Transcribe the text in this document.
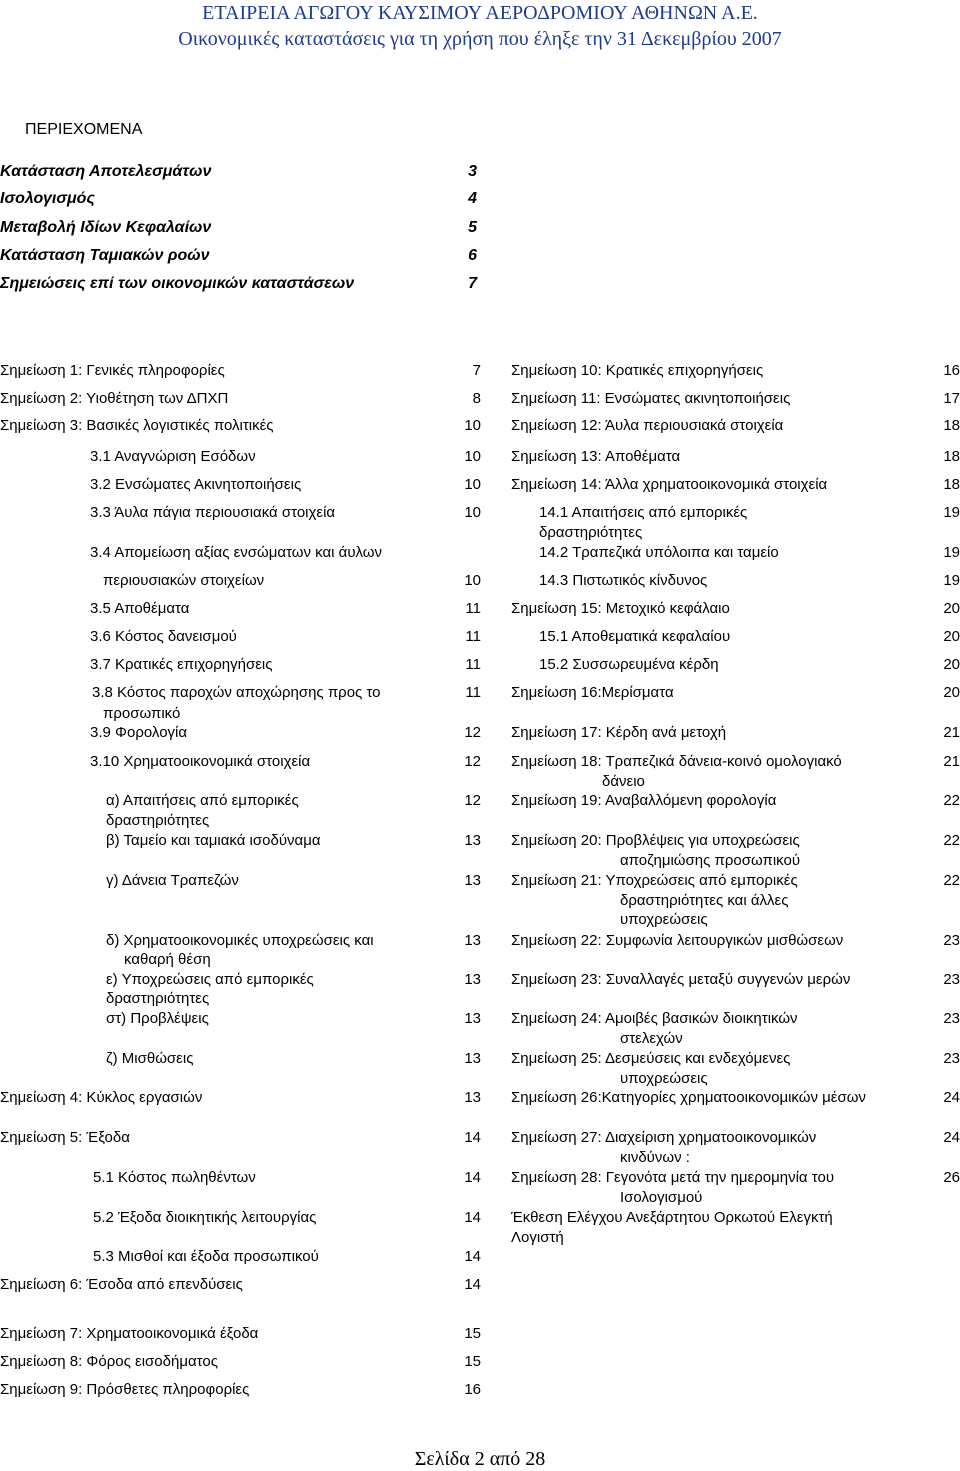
ΕΤΑΙΡΕΙΑ ΑΓΩΓΟΥ ΚΑΥΣΙΜΟΥ ΑΕΡΟΔΡΟΜΙΟΥ ΑΘΗΝΩΝ Α.Ε.
Οικονομικές καταστάσεις για τη χρήση που έληξε την 31 Δεκεμβρίου 2007
ΠΕΡΙΕΧΟΜΕΝΑ
Κατάσταση Αποτελεσμάτων	3
Ισολογισμός	4
Μεταβολή Ιδίων Κεφαλαίων	5
Κατάσταση Ταμιακών ροών	6
Σημειώσεις επί των οικονομικών καταστάσεων	7
Σημείωση 1: Γενικές πληροφορίες	7
Σημείωση 2: Υιοθέτηση των ΔΠΧΠ	8
Σημείωση 3: Βασικές λογιστικές πολιτικές	10
3.1 Αναγνώριση Εσόδων	10
3.2 Ενσώματες Ακινητοποιήσεις	10
3.3 Άυλα πάγια περιουσιακά στοιχεία	10
3.4 Απομείωση αξίας ενσώματων και άυλων
περιουσιακών στοιχείων	10
3.5 Αποθέματα	11
3.6 Κόστος δανεισμού	11
3.7 Κρατικές επιχορηγήσεις	11
3.8 Κόστος παροχών αποχώρησης προς το	11
προσωπικό
3.9 Φορολογία	12
3.10 Χρηματοοικονομικά στοιχεία	12
α) Απαιτήσεις από εμπορικές	12
δραστηριότητες
β) Ταμείο και ταμιακά ισοδύναμα	13
γ) Δάνεια Τραπεζών	13
δ) Χρηματοοικονομικές υποχρεώσεις και	13
καθαρή θέση
ε) Υποχρεώσεις από εμπορικές	13
δραστηριότητες
στ) Προβλέψεις	13
ζ) Μισθώσεις	13
Σημείωση 4: Κύκλος εργασιών	13
Σημείωση 5: Έξοδα	14
5.1 Κόστος πωληθέντων	14
5.2 Έξοδα διοικητικής λειτουργίας	14
5.3 Μισθοί και έξοδα προσωπικού	14
Σημείωση 6: Έσοδα από επενδύσεις	14
Σημείωση 7: Χρηματοοικονομικά έξοδα	15
Σημείωση 8: Φόρος εισοδήματος	15
Σημείωση 9: Πρόσθετες πληροφορίες	16
Σημείωση 10: Κρατικές επιχορηγήσεις	16
Σημείωση 11: Ενσώματες ακινητοποιήσεις	17
Σημείωση 12: Άυλα περιουσιακά στοιχεία	18
Σημείωση 13: Αποθέματα	18
Σημείωση 14: Άλλα χρηματοοικονομικά στοιχεία	18
14.1 Απαιτήσεις από εμπορικές	19
δραστηριότητες
14.2 Τραπεζικά υπόλοιπα και ταμείο	19
14.3 Πιστωτικός κίνδυνος	19
Σημείωση 15: Μετοχικό κεφάλαιο	20
15.1 Αποθεματικά κεφαλαίου	20
15.2 Συσσωρευμένα κέρδη	20
Σημείωση 16:Μερίσματα	20
Σημείωση 17: Κέρδη ανά μετοχή	21
Σημείωση 18: Τραπεζικά δάνεια-κοινό ομολογιακό	21
δάνειο
Σημείωση 19: Αναβαλλόμενη φορολογία	22
Σημείωση 20: Προβλέψεις για υποχρεώσεις	22
αποζημιώσης προσωπικού
Σημείωση 21: Υποχρεώσεις από εμπορικές	22
δραστηριότητες και άλλες
υποχρεώσεις
Σημείωση 22: Συμφωνία λειτουργικών μισθώσεων	23
Σημείωση 23: Συναλλαγές μεταξύ συγγενών μερών	23
Σημείωση 24: Αμοιβές βασικών διοικητικών	23
στελεχών
Σημείωση 25: Δεσμεύσεις και ενδεχόμενες	23
υποχρεώσεις
Σημείωση 26:Κατηγορίες χρηματοοικονομικών μέσων	24
Σημείωση 27: Διαχείριση χρηματοοικονομικών	24
κινδύνων :
Σημείωση 28: Γεγονότα μετά την ημερομηνία του	26
Ισολογισμού
Έκθεση Ελέγχου Ανεξάρτητου Ορκωτού Ελεγκτή
Λογιστή
Σελίδα 2 από 28
